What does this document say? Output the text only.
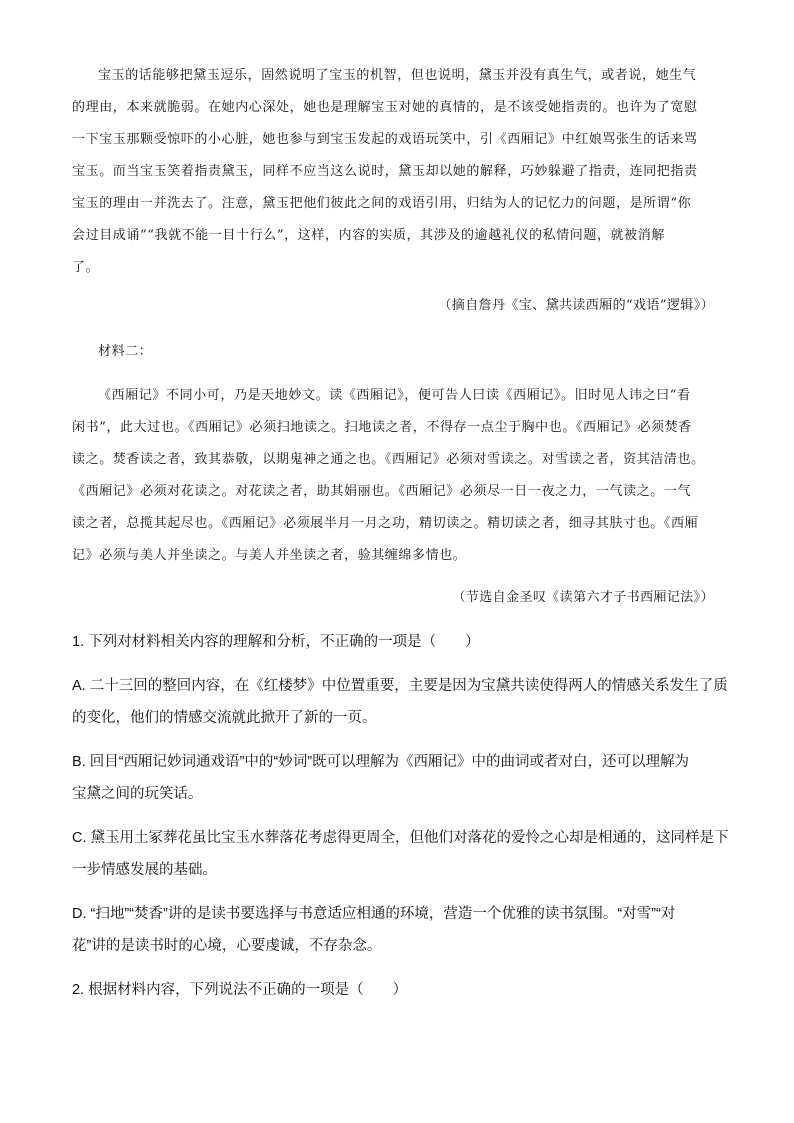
宝玉的话能够把黛玉逗乐，固然说明了宝玉的机智，但也说明，黛玉并没有真生气，或者说，她生气
的理由，本来就脆弱。在她内心深处，她也是理解宝玉对她的真情的，是不该受她指责的。也许为了宽慰
一下宝玉那颗受惊吓的小心脏，她也参与到宝玉发起的戏语玩笑中，引《西厢记》中红娘骂张生的话来骂
宝玉。而当宝玉笑着指责黛玉，同样不应当这么说时，黛玉却以她的解释，巧妙躲避了指责，连同把指责
宝玉的理由一并洗去了。注意，黛玉把他们彼此之间的戏语引用，归结为人的记忆力的问题，是所谓“你
会过目成诵”“我就不能一目十行么”，这样，内容的实质，其涉及的逾越礼仪的私情问题，就被消解
了。
（摘自詹丹《宝、黛共读西厢的“戏语”逻辑》）
材料二：
《西厢记》不同小可，乃是天地妙文。读《西厢记》，便可告人曰读《西厢记》。旧时见人讳之曰“看
闲书”，此大过也。《西厢记》必须扫地读之。扫地读之者，不得存一点尘于胸中也。《西厢记》必须焚香
读之。焚香读之者，致其恭敬，以期鬼神之通之也。《西厢记》必须对雪读之。对雪读之者，资其洁清也。
《西厢记》必须对花读之。对花读之者，助其娟丽也。《西厢记》必须尽一日一夜之力，一气读之。一气
读之者，总揽其起尽也。《西厢记》必须展半月一月之功，精切读之。精切读之者，细寻其肤寸也。《西厢
记》必须与美人并坐读之。与美人并坐读之者，验其缠绵多情也。
（节选自金圣叹《读第六才子书西厢记法》）
1. 下列对材料相关内容的理解和分析，不正确的一项是（　　）
A. 二十三回的整回内容，在《红楼梦》中位置重要，主要是因为宝黛共读使得两人的情感关系发生了质
的变化，他们的情感交流就此掀开了新的一页。
B. 回目“西厢记妙词通戏语”中的“妙词”既可以理解为《西厢记》中的曲词或者对白，还可以理解为
宝黛之间的玩笑话。
C. 黛玉用土冢葬花虽比宝玉水葬落花考虑得更周全，但他们对落花的爱怜之心却是相通的，这同样是下
一步情感发展的基础。
D. “扫地”“焚香”讲的是读书要选择与书意适应相通的环境，营造一个优雅的读书氛围。“对雪”“对
花”讲的是读书时的心境，心要虔诚，不存杂念。
2. 根据材料内容，下列说法不正确的一项是（　　）
